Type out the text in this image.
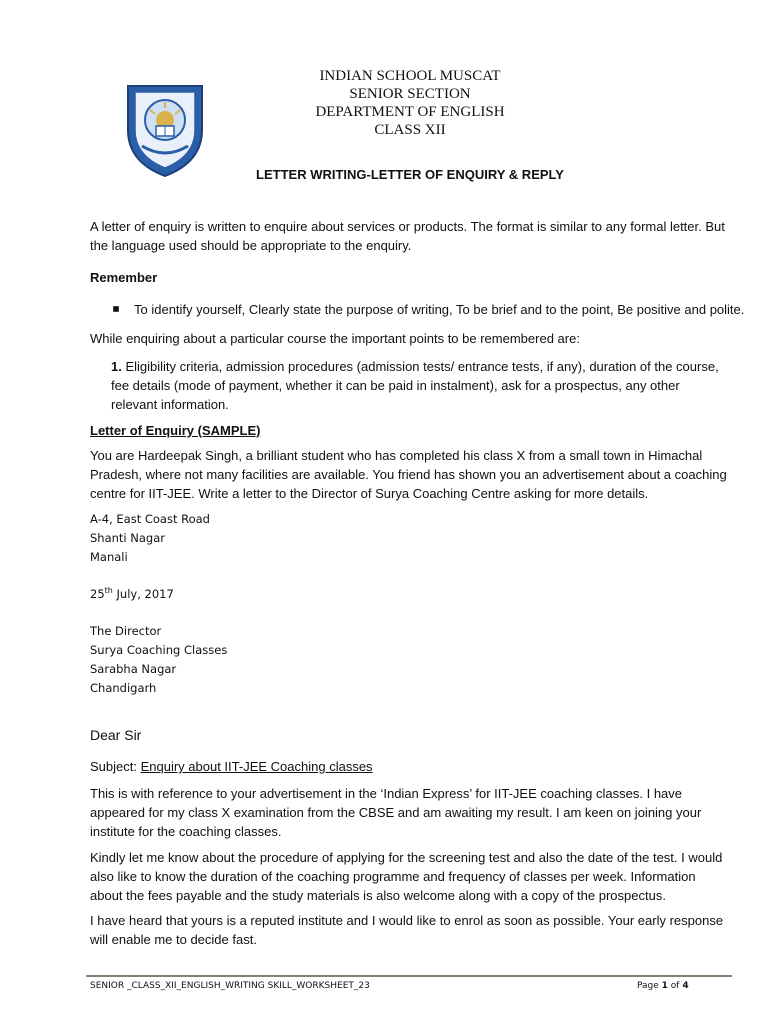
INDIAN SCHOOL MUSCAT
SENIOR SECTION
DEPARTMENT OF ENGLISH
CLASS XII
LETTER WRITING-LETTER OF ENQUIRY & REPLY
A letter of enquiry is written to enquire about services or products. The format is similar to any formal letter. But the language used should be appropriate to the enquiry.
Remember
To identify yourself, Clearly state the purpose of writing, To be brief and to the point, Be positive and polite.
While enquiring about a particular course the important points to be remembered are:
1. Eligibility criteria, admission procedures (admission tests/ entrance tests, if any), duration of the course, fee details (mode of payment, whether it can be paid in instalment), ask for a prospectus, any other relevant information.
Letter of Enquiry (SAMPLE)
You are Hardeepak Singh, a brilliant student who has completed his class X from a small town in Himachal Pradesh, where not many facilities are available. You friend has shown you an advertisement about a coaching centre for IIT-JEE. Write a letter to the Director of Surya Coaching Centre asking for more details.
A-4, East Coast Road
Shanti Nagar
Manali
25th July, 2017
The Director
Surya Coaching Classes
Sarabha Nagar
Chandigarh
Dear Sir
Subject: Enquiry about IIT-JEE Coaching classes
This is with reference to your advertisement in the ‘Indian Express’ for IIT-JEE coaching classes. I have appeared for my class X examination from the CBSE and am awaiting my result. I am keen on joining your institute for the coaching classes.
Kindly let me know about the procedure of applying for the screening test and also the date of the test. I would also like to know the duration of the coaching programme and frequency of classes per week. Information about the fees payable and the study materials is also welcome along with a copy of the prospectus.
I have heard that yours is a reputed institute and I would like to enrol as soon as possible. Your early response will enable me to decide fast.
SENIOR _CLASS_XII_ENGLISH_WRITING SKILL_WORKSHEET_23	Page 1 of 4
